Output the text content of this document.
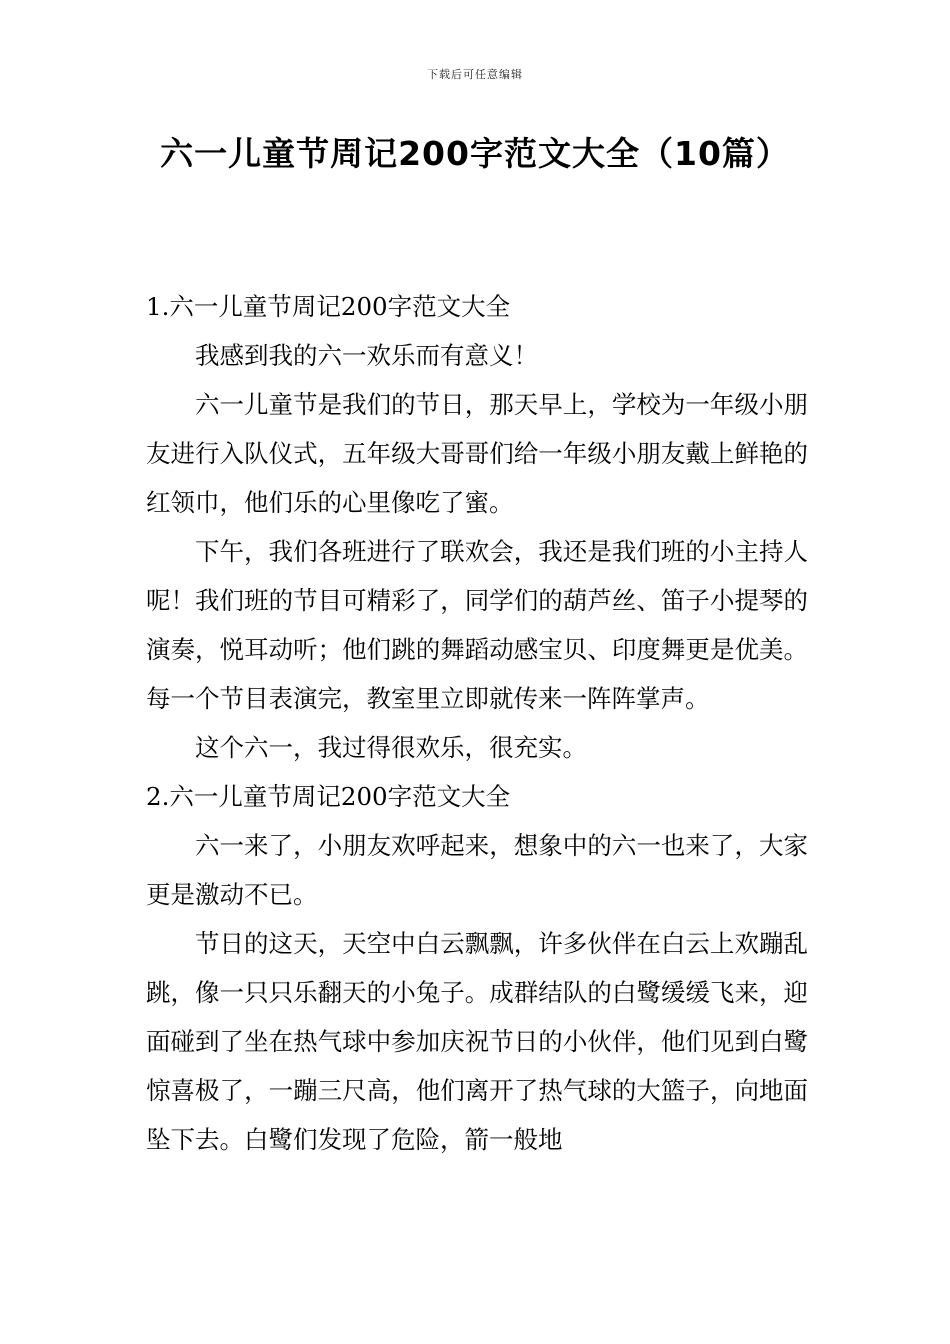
下载后可任意编辑
六一儿童节周记200字范文大全（10篇）

1.六一儿童节周记200字范文大全

我感到我的六一欢乐而有意义！

六一儿童节是我们的节日，那天早上，学校为一年级小朋友进行入队仪式，五年级大哥哥们给一年级小朋友戴上鲜艳的红领巾，他们乐的心里像吃了蜜。

下午，我们各班进行了联欢会，我还是我们班的小主持人呢！我们班的节目可精彩了，同学们的葫芦丝、笛子小提琴的演奏，悦耳动听；他们跳的舞蹈动感宝贝、印度舞更是优美。每一个节目表演完，教室里立即就传来一阵阵掌声。

这个六一，我过得很欢乐，很充实。

2.六一儿童节周记200字范文大全

六一来了，小朋友欢呼起来，想象中的六一也来了，大家更是激动不已。

节日的这天，天空中白云飘飘，许多伙伴在白云上欢蹦乱跳，像一只只乐翻天的小兔子。成群结队的白鹭缓缓飞来，迎面碰到了坐在热气球中参加庆祝节日的小伙伴，他们见到白鹭惊喜极了，一蹦三尺高，他们离开了热气球的大篮子，向地面坠下去。白鹭们发现了危险，箭一般地
